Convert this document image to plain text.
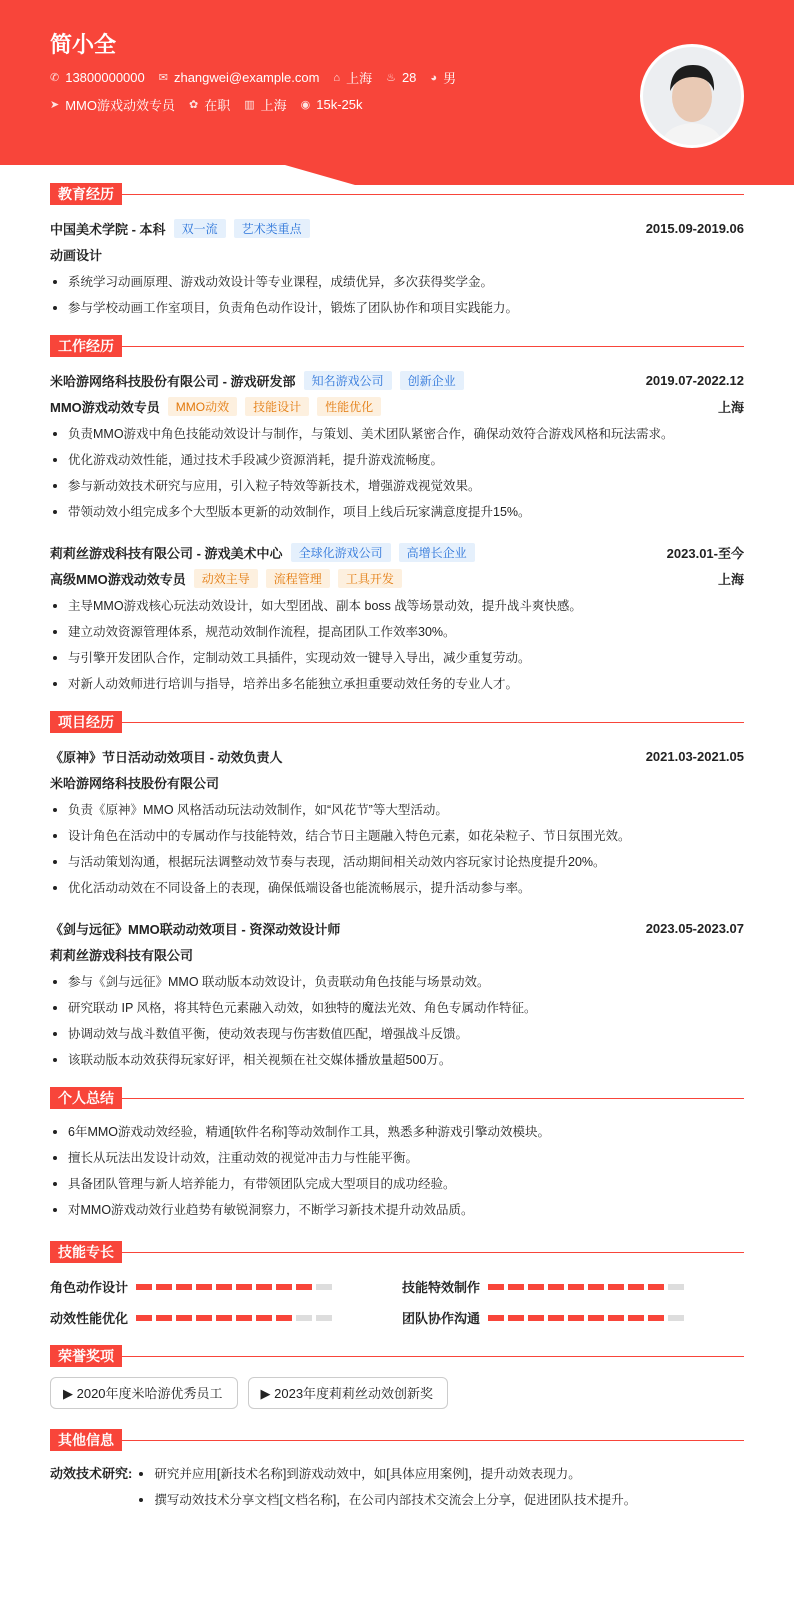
简小全
✆ 13800000000 ✉ zhangwei@example.com ⌂ 上海 ♨ 28 ◕ 男
➤ MMO游戏动效专员 ✿ 在职 ▥ 上海 ◉ 15k-25k
教育经历
中国美术学院 - 本科	双一流	艺术类重点	2015.09-2019.06
动画设计
系统学习动画原理、游戏动效设计等专业课程，成绩优异，多次获得奖学金。
参与学校动画工作室项目，负责角色动作设计，锻炼了团队协作和项目实践能力。
工作经历
米哈游网络科技股份有限公司 - 游戏研发部	知名游戏公司	创新企业	2019.07-2022.12
MMO游戏动效专员	MMO动效	技能设计	性能优化	上海
负责MMO游戏中角色技能动效设计与制作，与策划、美术团队紧密合作，确保动效符合游戏风格和玩法需求。
优化游戏动效性能，通过技术手段减少资源消耗，提升游戏流畅度。
参与新动效技术研究与应用，引入粒子特效等新技术，增强游戏视觉效果。
带领动效小组完成多个大型版本更新的动效制作，项目上线后玩家满意度提升15%。
莉莉丝游戏科技有限公司 - 游戏美术中心	全球化游戏公司	高增长企业	2023.01-至今
高级MMO游戏动效专员	动效主导	流程管理	工具开发	上海
主导MMO游戏核心玩法动效设计，如大型团战、副本 boss 战等场景动效，提升战斗爽快感。
建立动效资源管理体系，规范动效制作流程，提高团队工作效率30%。
与引擎开发团队合作，定制动效工具插件，实现动效一键导入导出，减少重复劳动。
对新人动效师进行培训与指导，培养出多名能独立承担重要动效任务的专业人才。
项目经历
《原神》节日活动动效项目 - 动效负责人	2021.03-2021.05
米哈游网络科技股份有限公司
负责《原神》MMO 风格活动玩法动效制作，如“风花节”等大型活动。
设计角色在活动中的专属动作与技能特效，结合节日主题融入特色元素，如花朵粒子、节日氛围光效。
与活动策划沟通，根据玩法调整动效节奏与表现，活动期间相关动效内容玩家讨论热度提升20%。
优化活动动效在不同设备上的表现，确保低端设备也能流畅展示，提升活动参与率。
《剑与远征》MMO联动动效项目 - 资深动效设计师	2023.05-2023.07
莉莉丝游戏科技有限公司
参与《剑与远征》MMO 联动版本动效设计，负责联动角色技能与场景动效。
研究联动 IP 风格，将其特色元素融入动效，如独特的魔法光效、角色专属动作特征。
协调动效与战斗数值平衡，使动效表现与伤害数值匹配，增强战斗反馈。
该联动版本动效获得玩家好评，相关视频在社交媒体播放量超500万。
个人总结
6年MMO游戏动效经验，精通[软件名称]等动效制作工具，熟悉多种游戏引擎动效模块。
擅长从玩法出发设计动效，注重动效的视觉冲击力与性能平衡。
具备团队管理与新人培养能力，有带领团队完成大型项目的成功经验。
对MMO游戏动效行业趋势有敏锐洞察力，不断学习新技术提升动效品质。
技能专长
角色动作设计	技能特效制作
动效性能优化	团队协作沟通
荣誉奖项
▶ 2020年度米哈游优秀员工	▶ 2023年度莉莉丝动效创新奖
其他信息
动效技术研究:	研究并应用[新技术名称]到游戏动效中，如[具体应用案例]，提升动效表现力。
撰写动效技术分享文档[文档名称]，在公司内部技术交流会上分享，促进团队技术提升。
